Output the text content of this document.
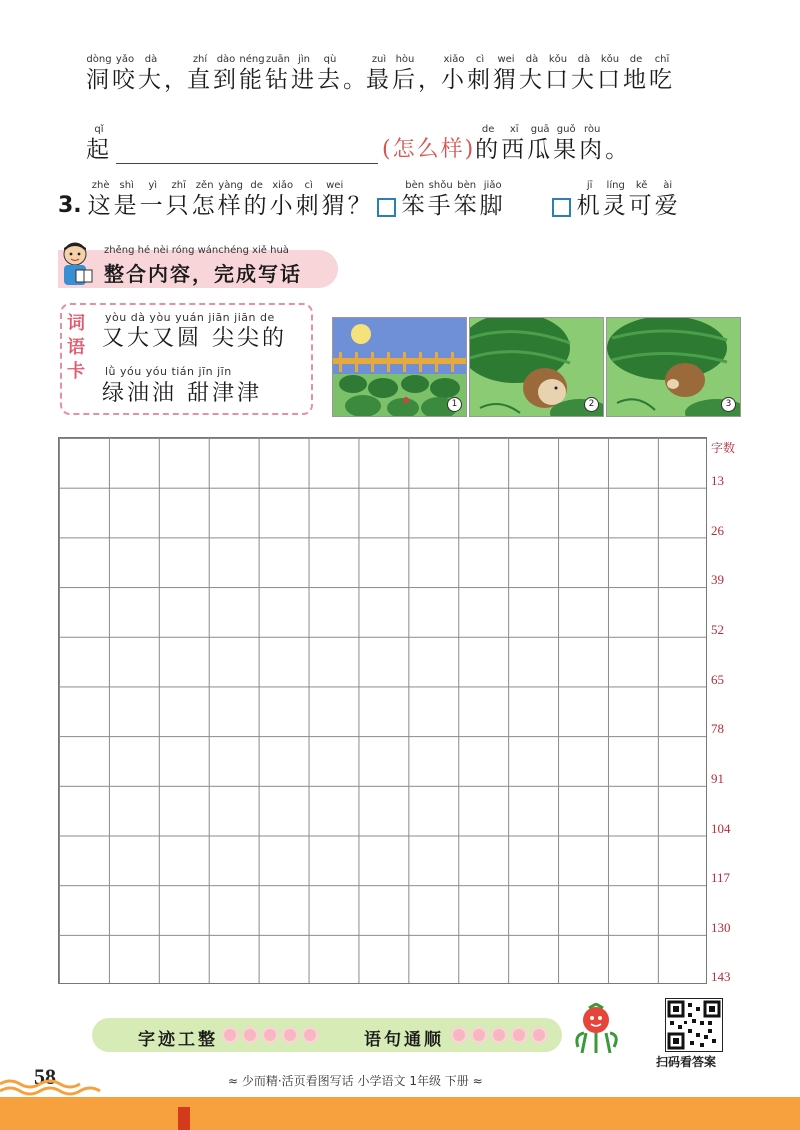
dòng
洞
yǎo
咬
dà
大 ，
zhí
直
dào
到
néng
能
zuān
钻
jìn
进
qù
去 。
zuì
最
hòu
后 ，
xiǎo
小
cì
刺
wei
猬
dà
大
kǒu
口
dà
大
kǒu
口
de
地
chī
吃
qǐ
起	(怎么样)
de
的
xī
西
guā
瓜
guǒ
果
ròu
肉 。
3.
zhè
这
shì
是
yì
一
zhī
只
zěn
怎
yàng
样
de
的
xiǎo
小
cì
刺
wei
猬 ？
bèn
笨
shǒu
手
bèn
笨
jiǎo
脚
jī
机
líng
灵
kě
可
ài
爱
zhěng hé nèi róng wánchéng xiě huà
整合内容，完成写话
词
语
卡
yòu dà yòu yuán jiān jiān de
又大又圆 尖尖的
lǜ yóu yóu tián jīn jīn
绿油油 甜津津	1	2	3
字数
13
26
39
52
65
78
91
104
117
130
143
字迹工整	语句通顺
扫码看答案
58	≈ 少而精·活页看图写话 小学语文 1年级 下册 ≈
